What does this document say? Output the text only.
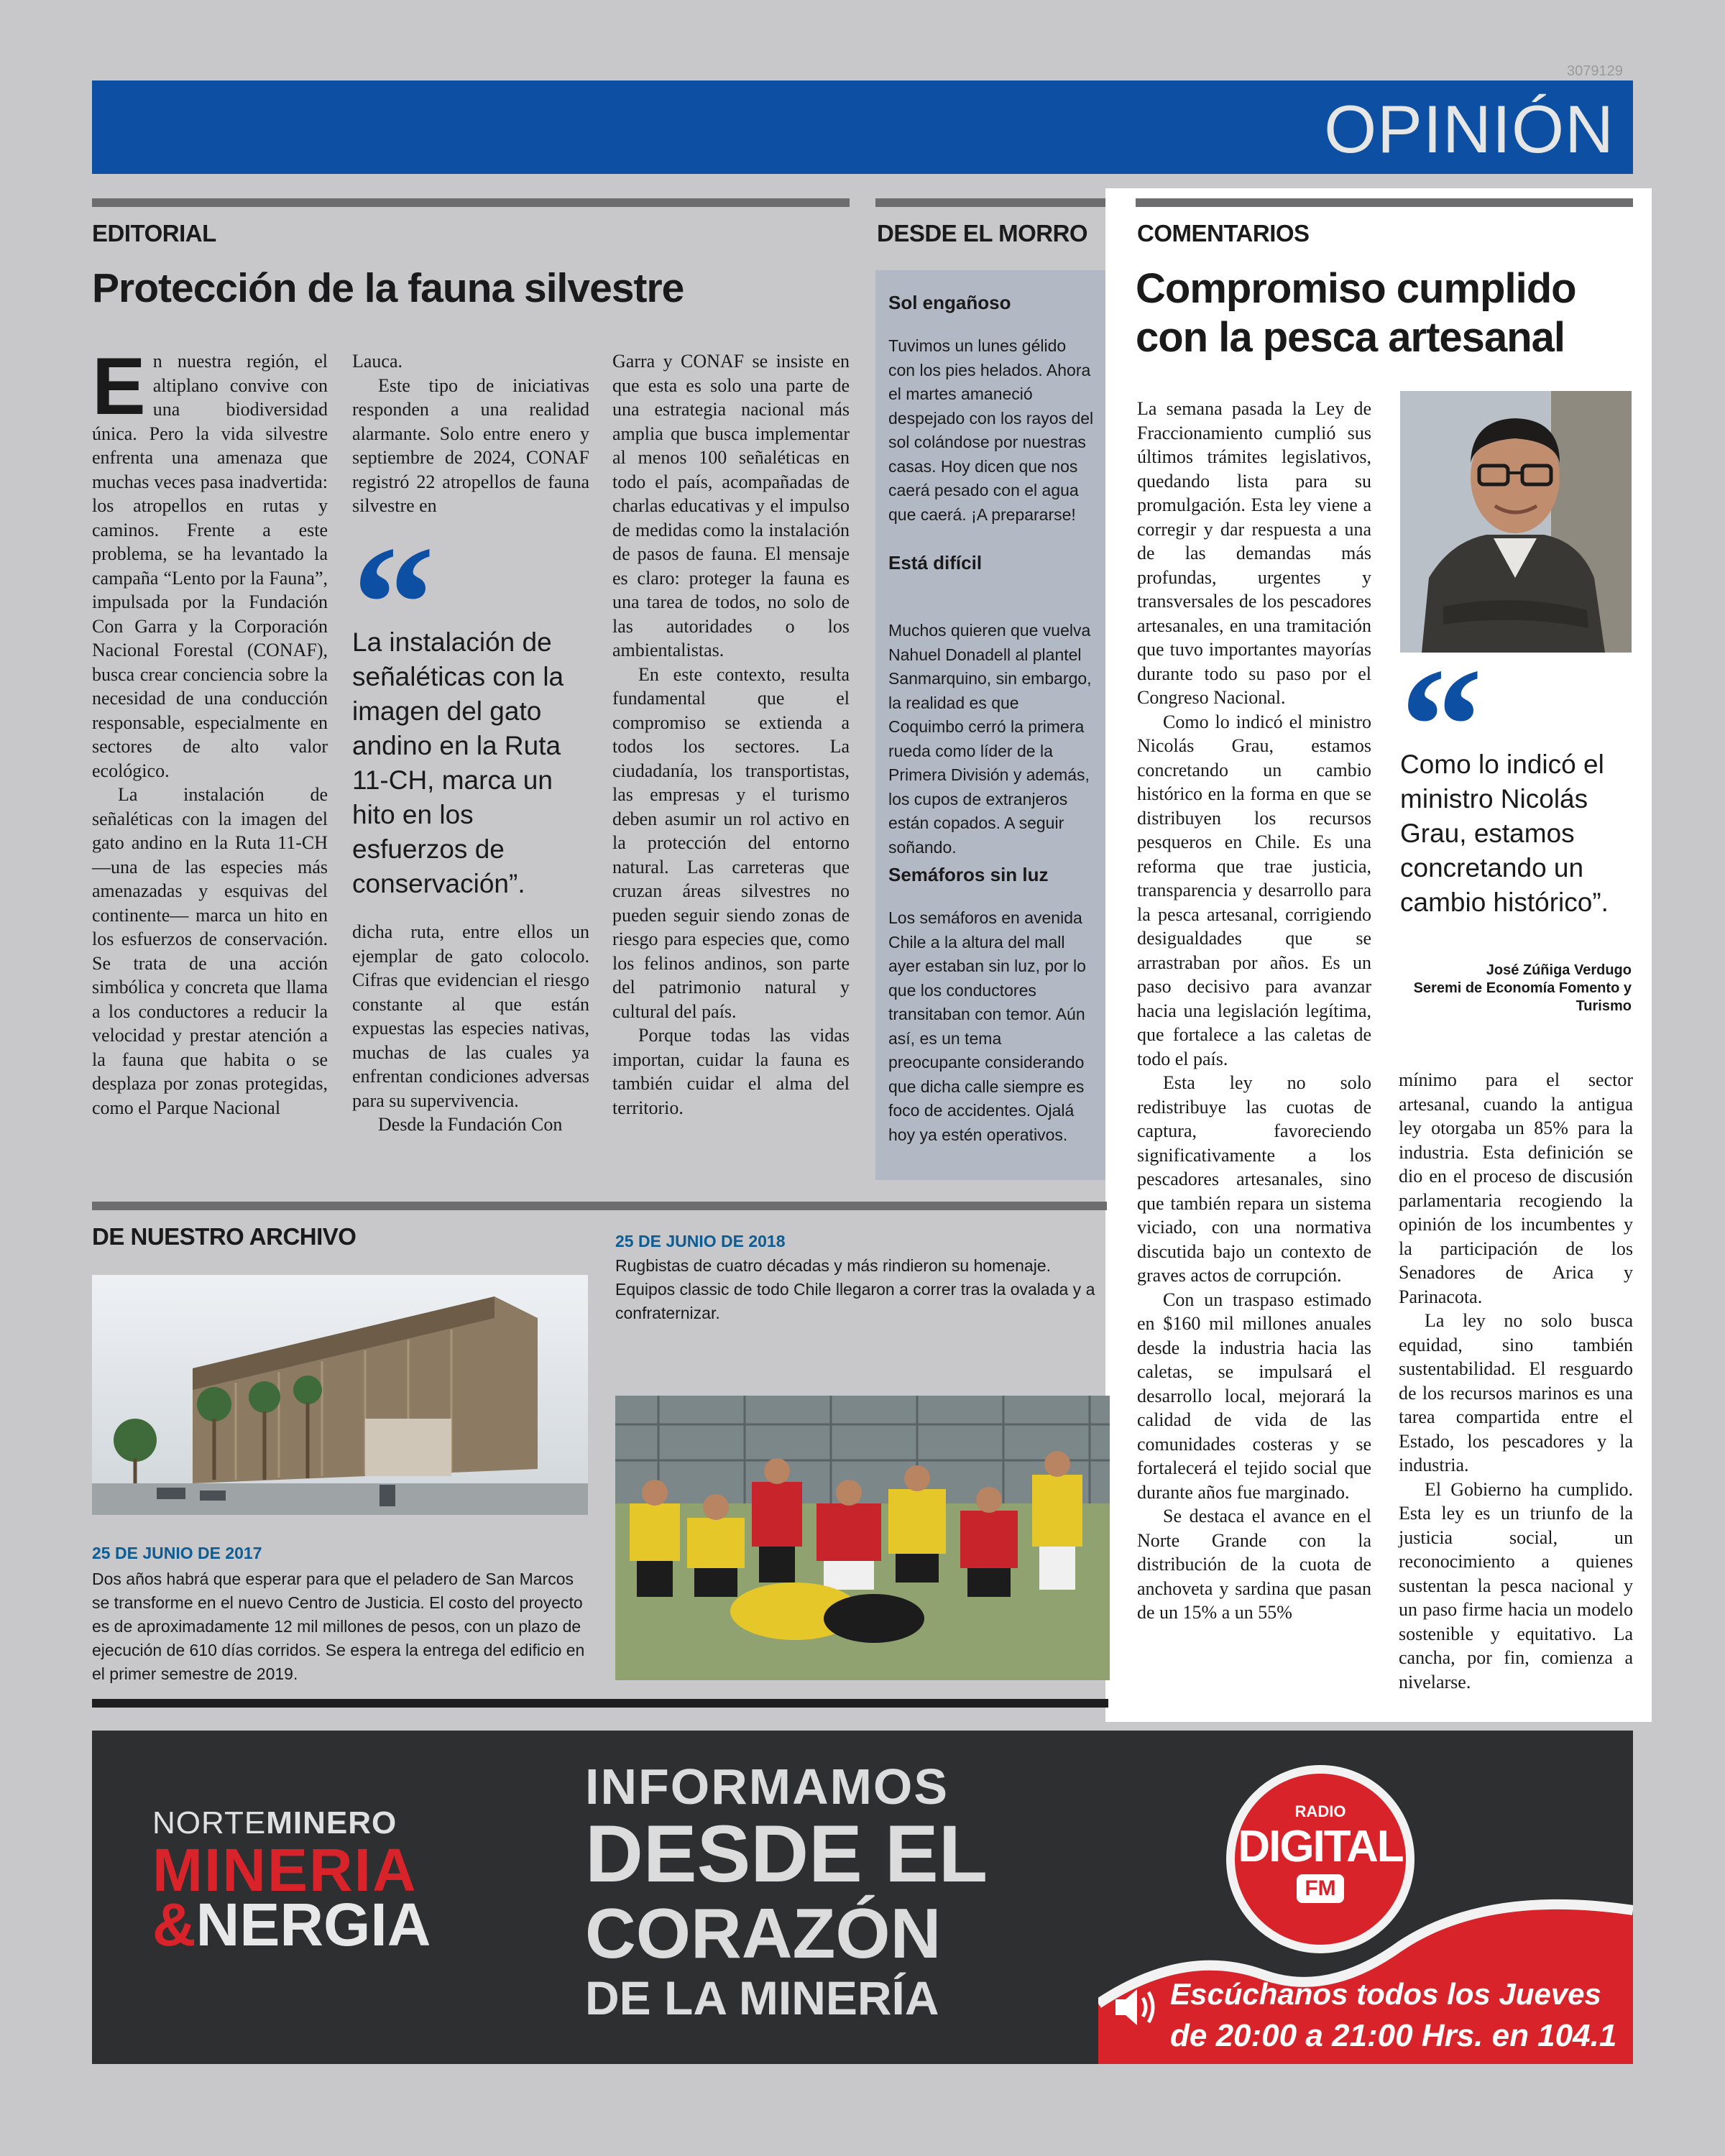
3079129
OPINIÓN
EDITORIAL
Protección de la fauna silvestre

En nuestra región, el altiplano convive con una biodiversidad única. Pero la vida silvestre enfrenta una amenaza que muchas veces pasa inadvertida: los atropellos en rutas y caminos. Frente a este problema, se ha levantado la campaña “Lento por la Fauna”, impulsada por la Fundación Con Garra y la Corporación Nacional Forestal (CONAF), busca crear conciencia sobre la necesidad de una conducción responsable, especialmente en sectores de alto valor ecológico.

La instalación de señaléticas con la imagen del gato andino en la Ruta 11-CH —una de las especies más amenazadas y esquivas del continente— marca un hito en los esfuerzos de conservación. Se trata de una acción simbólica y concreta que llama a los conductores a reducir la velocidad y prestar atención a la fauna que habita o se desplaza por zonas protegidas, como el Parque Nacional

Lauca.

Este tipo de iniciativas responden a una realidad alarmante. Solo entre enero y septiembre de 2024, CONAF registró 22 atropellos de fauna silvestre en

La instalación de señaléticas con la imagen del gato andino en la Ruta 11-CH, marca un hito en los esfuerzos de conservación”.

dicha ruta, entre ellos un ejemplar de gato colocolo. Cifras que evidencian el riesgo constante al que están expuestas las especies nativas, muchas de las cuales ya enfrentan condiciones adversas para su supervivencia.

Desde la Fundación Con

Garra y CONAF se insiste en que esta es solo una parte de una estrategia nacional más amplia que busca implementar al menos 100 señaléticas en todo el país, acompañadas de charlas educativas y el impulso de medidas como la instalación de pasos de fauna. El mensaje es claro: proteger la fauna es una tarea de todos, no solo de las autoridades o los ambientalistas.

En este contexto, resulta fundamental que el compromiso se extienda a todos los sectores. La ciudadanía, los transportistas, las empresas y el turismo deben asumir un rol activo en la protección del entorno natural. Las carreteras que cruzan áreas silvestres no pueden seguir siendo zonas de riesgo para especies que, como los felinos andinos, son parte del patrimonio natural y cultural del país.

Porque todas las vidas importan, cuidar la fauna es también cuidar el alma del territorio.

DESDE EL MORRO
Sol engañoso
Tuvimos un lunes gélido con los pies helados. Ahora el martes amaneció despejado con los rayos del sol colándose por nuestras casas. Hoy dicen que nos caerá pesado con el agua que caerá. ¡A prepararse!
Está difícil
Muchos quieren que vuelva Nahuel Donadell al plantel Sanmarquino, sin embargo, la realidad es que Coquimbo cerró la primera rueda como líder de la Primera División y además, los cupos de extranjeros están copados. A seguir soñando.
Semáforos sin luz
Los semáforos en avenida Chile a la altura del mall ayer estaban sin luz, por lo que los conductores transitaban con temor. Aún así, es un tema preocupante considerando que dicha calle siempre es foco de accidentes. Ojalá hoy ya estén operativos.
COMENTARIOS
Compromiso cumplido con la pesca artesanal

La semana pasada la Ley de Fraccionamiento cumplió sus últimos trámites legislativos, quedando lista para su promulgación. Esta ley viene a corregir y dar respuesta a una de las demandas más profundas, urgentes y transversales de los pescadores artesanales, en una tramitación que tuvo importantes mayorías durante todo su paso por el Congreso Nacional.

Como lo indicó el ministro Nicolás Grau, estamos concretando un cambio histórico en la forma en que se distribuyen los recursos pesqueros en Chile. Es una reforma que trae justicia, transparencia y desarrollo para la pesca artesanal, corrigiendo desigualdades que se arrastraban por años. Es un paso decisivo para avanzar hacia una legislación legítima, que fortalece a las caletas de todo el país.

Esta ley no solo redistribuye las cuotas de captura, favoreciendo significativamente a los pescadores artesanales, sino que también repara un sistema viciado, con una normativa discutida bajo un contexto de graves actos de corrupción.

Con un traspaso estimado en $160 mil millones anuales desde la industria hacia las caletas, se impulsará el desarrollo local, mejorará la calidad de vida de las comunidades costeras y se fortalecerá el tejido social que durante años fue marginado.

Se destaca el avance en el Norte Grande con la distribución de la cuota de anchoveta y sardina que pasan de un 15% a un 55%

Como lo indicó el ministro Nicolás Grau, estamos concretando un cambio histórico”.
José Zúñiga Verdugo
Seremi de Economía Fomento y Turismo

mínimo para el sector artesanal, cuando la antigua ley otorgaba un 85% para la industria. Esta definición se dio en el proceso de discusión parlamentaria recogiendo la opinión de los incumbentes y la participación de los Senadores de Arica y Parinacota.

La ley no solo busca equidad, sino también sustentabilidad. El resguardo de los recursos marinos es una tarea compartida entre el Estado, los pescadores y la industria.

El Gobierno ha cumplido. Esta ley es un triunfo de la justicia social, un reconocimiento a quienes sustentan la pesca nacional y un paso firme hacia un modelo sostenible y equitativo. La cancha, por fin, comienza a nivelarse.

DE NUESTRO ARCHIVO
25 DE JUNIO DE 2017
Dos años habrá que esperar para que el peladero de San Marcos se transforme en el nuevo Centro de Justicia. El costo del proyecto es de aproximadamente 12 mil millones de pesos, con un plazo de ejecución de 610 días corridos. Se espera la entrega del edificio en el primer semestre de 2019.
25 DE JUNIO DE 2018
Rugbistas de cuatro décadas y más rindieron su homenaje. Equipos classic de todo Chile llegaron a correr tras la ovalada y a confraternizar.
NORTEMINERO
MINERIA
&NERGIA
INFORMAMOS
DESDE EL
CORAZÓN
DE LA MINERÍA
RADIO
DIGITAL
FM
Escúchanos todos los Jueves
de 20:00 a 21:00 Hrs. en 104.1
